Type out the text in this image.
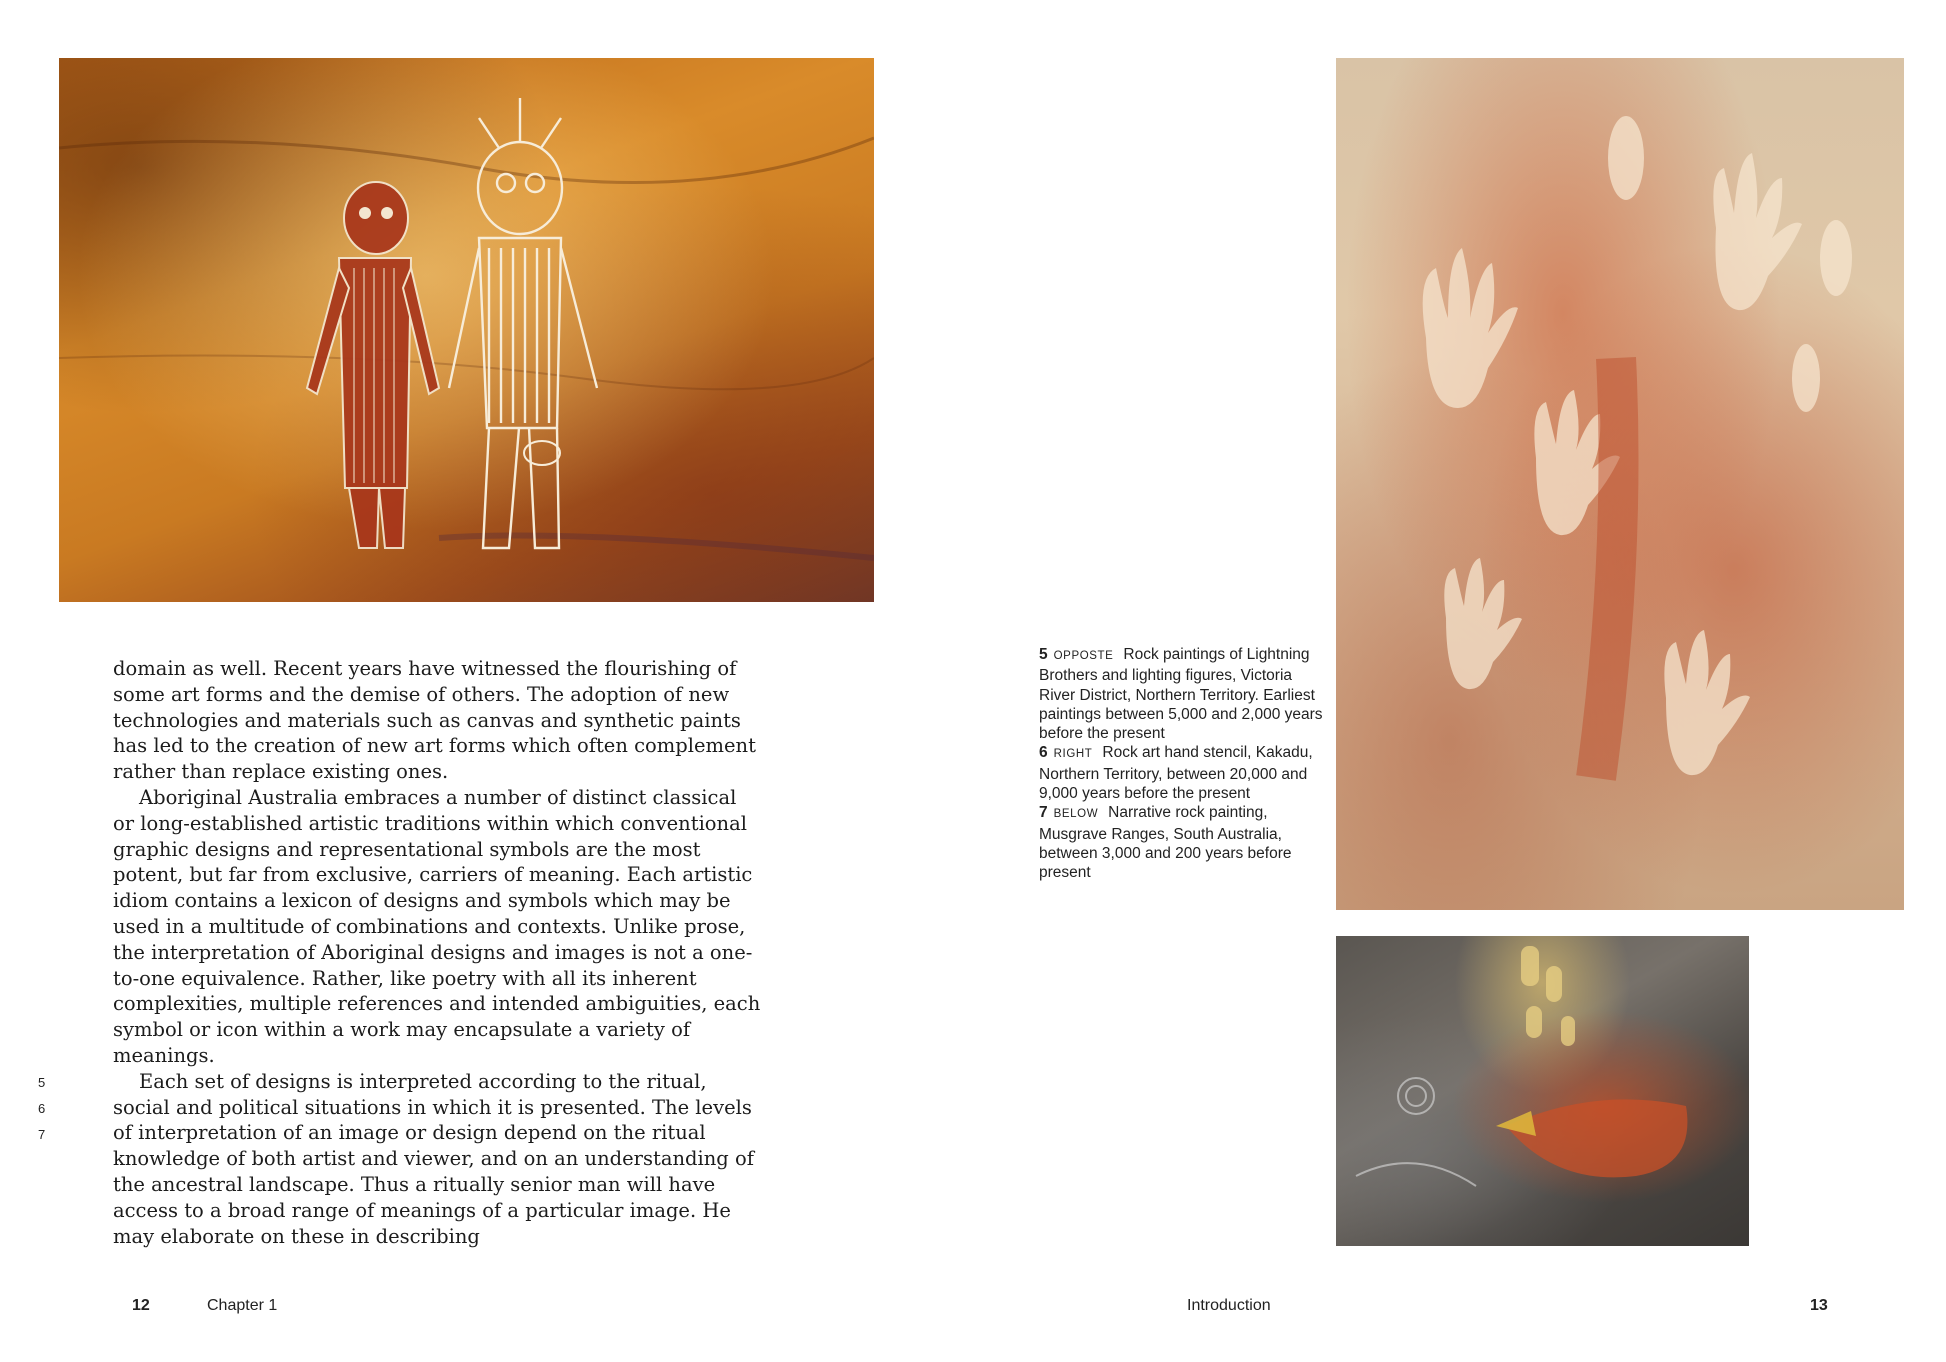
domain as well. Recent years have witnessed the flourishing of some art forms and the demise of others. The adoption of new technologies and materials such as canvas and synthetic paints has led to the creation of new art forms which often complement rather than replace existing ones.

Aboriginal Australia embraces a number of distinct classical or long-established artistic traditions within which conventional graphic designs and representational symbols are the most potent, but far from exclusive, carriers of meaning. Each artistic idiom contains a lexicon of designs and symbols which may be used in a multitude of combinations and contexts. Unlike prose, the interpretation of Aboriginal designs and images is not a one-to-one equivalence. Rather, like poetry with all its inherent complexities, multiple references and intended ambiguities, each symbol or icon within a work may encapsulate a variety of meanings.

Each set of designs is interpreted according to the ritual, social and political situations in which it is presented. The levels of interpretation of an image or design depend on the ritual knowledge of both artist and viewer, and on an understanding of the ancestral landscape. Thus a ritually senior man will have access to a broad range of meanings of a particular image. He may elaborate on these in describing

5
6
7
12	Chapter 1

5 OPPOSTE Rock paintings of Lightning Brothers and lighting figures, Victoria River District, Northern Territory. Earliest paintings between 5,000 and 2,000 years before the present

6 RIGHT Rock art hand stencil, Kakadu, Northern Territory, between 20,000 and 9,000 years before the present

7 BELOW Narrative rock painting, Musgrave Ranges, South Australia, between 3,000 and 200 years before present

Introduction	13
